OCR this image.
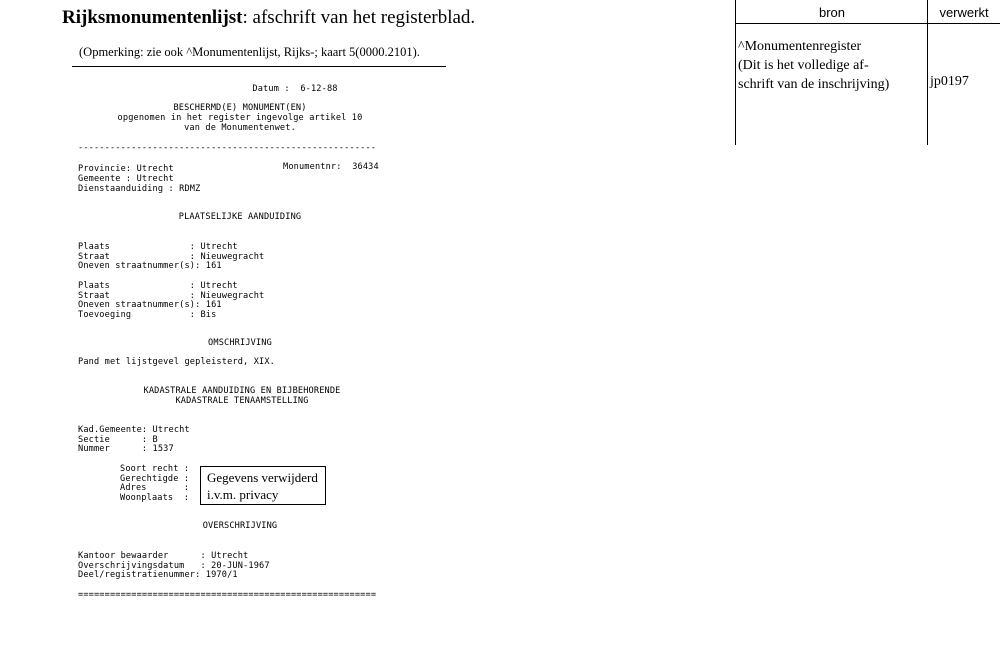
Rijksmonumentenlijst: afschrift van het registerblad.
(Opmerking: zie ook ^Monumentenlijst, Rijks-; kaart 5(0000.2101).
bron	verwerkt
^Monumentenregister
(Dit is het volledige af-
schrift van de inschrijving)	jp0197
Datum :  6-12-88
BESCHERMD(E) MONUMENT(EN)
opgenomen in het register ingevolge artikel 10
van de Monumentenwet.
--------------------------------------------------------
Provincie: Utrecht	Monumentnr:  36434
Gemeente : Utrecht
Dienstaanduiding : RDMZ
PLAATSELIJKE AANDUIDING
Plaats               : Utrecht
Straat               : Nieuwegracht
Oneven straatnummer(s): 161
Plaats               : Utrecht
Straat               : Nieuwegracht
Oneven straatnummer(s): 161
Toevoeging           : Bis
OMSCHRIJVING
Pand met lijstgevel gepleisterd, XIX.
KADASTRALE AANDUIDING EN BIJBEHORENDE
KADASTRALE TENAAMSTELLING
Kad.Gemeente: Utrecht
Sectie      : B
Nummer      : 1537
Soort recht :
Gerechtigde :
Adres       :
Woonplaats  :
Gegevens verwijderd
i.v.m. privacy
OVERSCHRIJVING
Kantoor bewaarder      : Utrecht
Overschrijvingsdatum   : 20-JUN-1967
Deel/registratienummer: 1970/1
========================================================
